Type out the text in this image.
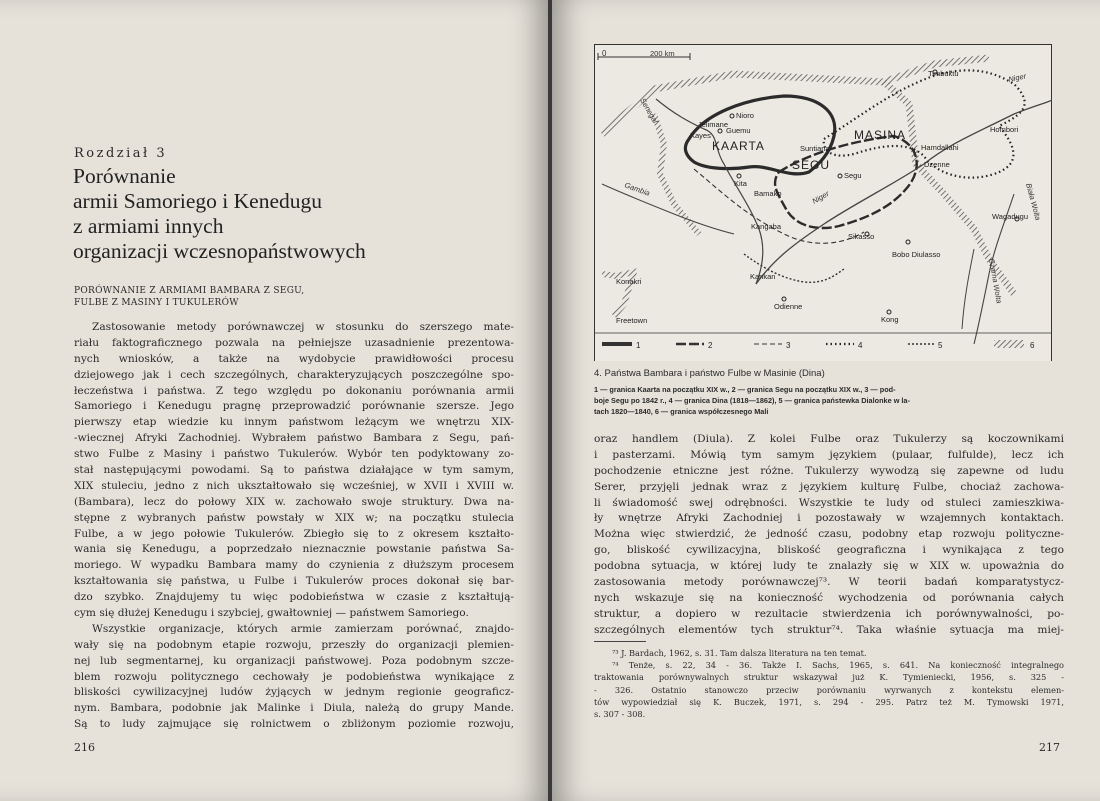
Rozdział 3
Porównanie
armii Samoriego i Kenedugu
z armiami innych
organizacji wczesnopaństwowych
PORÓWNANIE Z ARMIAMI BAMBARA Z SEGU,
FULBE Z MASINY I TUKULERÓW
Zastosowanie metody porównawczej w stosunku do szerszego mate-
riału faktograficznego pozwala na pełniejsze uzasadnienie prezentowa-
nych wniosków, a także na wydobycie prawidłowości procesu
dziejowego jak i cech szczególnych, charakteryzujących poszczególne spo-
łeczeństwa i państwa. Z tego względu po dokonaniu porównania armii
Samoriego i Kenedugu pragnę przeprowadzić porównanie szersze. Jego
pierwszy etap wiedzie ku innym państwom leżącym we wnętrzu XIX-
-wiecznej Afryki Zachodniej. Wybrałem państwo Bambara z Segu, pań-
stwo Fulbe z Masiny i państwo Tukulerów. Wybór ten podyktowany zo-
stał następującymi powodami. Są to państwa działające w tym samym,
XIX stuleciu, jedno z nich ukształtowało się wcześniej, w XVII i XVIII w.
(Bambara), lecz do połowy XIX w. zachowało swoje struktury. Dwa na-
stępne z wybranych państw powstały w XIX w; na początku stulecia
Fulbe, a w jego połowie Tukulerów. Zbiegło się to z okresem kształto-
wania się Kenedugu, a poprzedzało nieznacznie powstanie państwa Sa-
moriego. W wypadku Bambara mamy do czynienia z dłuższym procesem
kształtowania się państwa, u Fulbe i Tukulerów proces dokonał się bar-
dzo szybko. Znajdujemy tu więc podobieństwa w czasie z kształtują-
cym się dłużej Kenedugu i szybciej, gwałtowniej — państwem Samoriego.
Wszystkie organizacje, których armie zamierzam porównać, znajdo-
wały się na podobnym etapie rozwoju, przeszły do organizacji plemien-
nej lub segmentarnej, ku organizacji państwowej. Poza podobnym szcze-
blem rozwoju politycznego cechowały je podobieństwa wynikające z
bliskości cywilizacyjnej ludów żyjących w jednym regionie geograficz-
nym. Bambara, podobnie jak Malinke i Diula, należą do grupy Mande.
Są to ludy zajmujące się rolnictwem o zbliżonym poziomie rozwoju,
216
0	200 km
KAARTA
SEGU
MASINA
Timbuktu
Nioro
Jelimane
Kayes
Guemu
Suntiana	Hamdallahi
Hombori
Dzenne
Kita
Bamako
Segu
Wagadugu
Kangaba
Sikasso
Bobo Diulasso
Konakri
Kankan
Odienne
Freetown	Kong
Niger
Senegal
Gambia	Niger	Biała Wolta
Czarna Wolta
1	2	3	4	5	6
4. Państwa Bambara i państwo Fulbe w Masinie (Dina)
1 — granica Kaarta na początku XIX w., 2 — granica Segu na początku XIX w., 3 — pod-
boje Segu po 1842 r., 4 — granica Dina (1818—1862), 5 — granica państewka Dialonke w la-
tach 1820—1840, 6 — granica współczesnego Mali
oraz handlem (Diula). Z kolei Fulbe oraz Tukulerzy są koczownikami
i pasterzami. Mówią tym samym językiem (pulaar, fulfulde), lecz ich
pochodzenie etniczne jest różne. Tukulerzy wywodzą się zapewne od ludu
Serer, przyjęli jednak wraz z językiem kulturę Fulbe, chociaż zachowa-
li świadomość swej odrębności. Wszystkie te ludy od stuleci zamieszkiwa-
ły wnętrze Afryki Zachodniej i pozostawały w wzajemnych kontaktach.
Można więc stwierdzić, że jedność czasu, podobny etap rozwoju polityczne-
go, bliskość cywilizacyjna, bliskość geograficzna i wynikająca z tego
podobna sytuacja, w której ludy te znalazły się w XIX w. upoważnia do
zastosowania metody porównawczej⁷³. W teorii badań komparatystycz-
nych wskazuje się na konieczność wychodzenia od porównania całych
struktur, a dopiero w rezultacie stwierdzenia ich porównywalności, po-
szczególnych elementów tych struktur⁷⁴. Taka właśnie sytuacja ma miej-
⁷³ J. Bardach, 1962, s. 31. Tam dalsza literatura na ten temat.
⁷⁴ Tenże, s. 22, 34 - 36. Także I. Sachs, 1965, s. 641. Na konieczność integralnego
traktowania porównywalnych struktur wskazywał już K. Tymieniecki, 1956, s. 325 -
- 326. Ostatnio stanowczo przeciw porównaniu wyrwanych z kontekstu elemen-
tów wypowiedział się K. Buczek, 1971, s. 294 - 295. Patrz też M. Tymowski 1971,
s. 307 - 308.
217
